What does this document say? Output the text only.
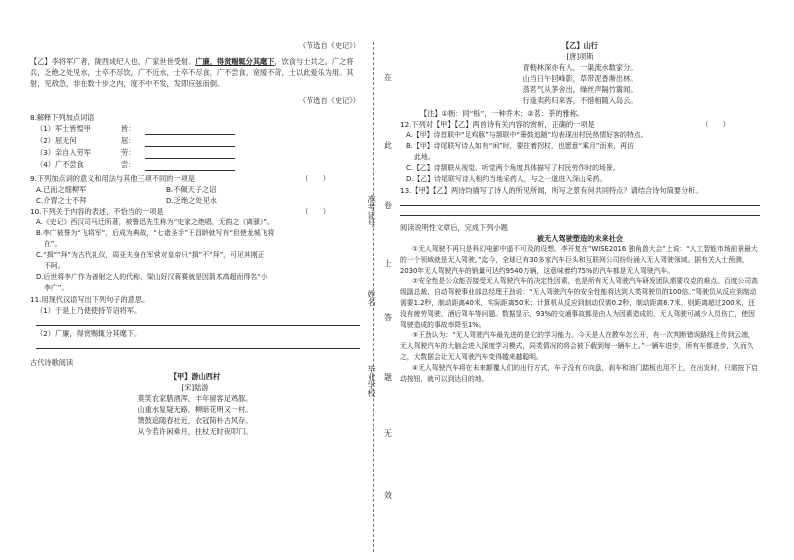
（节选自《史记》）

【乙】李将军广者，陇西成纪人也，广家世世受射。广廉，得赏赐辄分其麾下，饮食与士共之。广之将兵，乏绝之处见水，士卒不尽饮，广不近水，士卒不尽食，广不尝食。宽缓不苛，士以此爱乐为用。其射，见敌急，非在数十步之内，度不中不发，发即应弦而倒。

（节选自《史记》）

8.解释下列加点词语

（1）军士皆惶甲	皆：
（2）屈无何	屈：
（3）亲自入劳军	劳：
（4）广不尝食	尝：
9.下列加点词的意义和用法与其他三项不同的一项是	（　　）
A.已而之细柳军	B.不佩天子之诏
C.介胄之士不拜	D.乏绝之处见水
10.下列关于内容的表述，不恰当的一项是	（　　）

A.《史记》西汉司马迁所著，被鲁迅先生称为“史家之绝唱，无韵之《离骚》”。

B.李广被誉为“飞将军”，后成为典故，“七诸圣手”王昌龄就写有“但使龙城飞将

在”。

C.“揖”“拜”为古代礼仪，周亚夫身在军营对皇帝只“揖”不“拜”，可见其刚正

不阿。

D.后世将李广作为善射之人的代称，梁山好汉蒋赛就是因箭术高超而得名“小

李广”。

11.用现代汉语写出下列句子的意思。

（1）于是上乃使使持节诏将军。

（2）广廉，得赏赐辄分其麾下。

古代诗歌阅读

【甲】游山西村

[宋]陆游

莫笑农家腊酒浑，丰年留客足鸡豚。

山重水复疑无路，柳暗花明又一村。

箫鼓追随春社近，衣冠简朴古风存。

从今若许闲乘月，拄杖无时夜叩门。

在
此
卷
上
答
题
无
效
准考证号
姓名
毕业学校

【乙】山行

[唐]项斯

青枥林深亦有人，一渠流水数家分。

山当日午回峰影，草带泥香渐出林。

蒸茗气从茅舍出，缲丝声隔竹篱闻。

行逢卖药归来客，不惜相随入岛云。

【注】①枥：同“栎”，一种乔木；②茗：茶的雅称。

12.下列对【甲】【乙】两首诗有关内容的赏析，正确的一项是	（　　）

A.【甲】诗首联中“足鸡豚”与颔联中“箫鼓追随”均表现出村民热情好客的特点。

B.【甲】诗尾联写诗人如有“闲”时，要拄着拐杖，也愿意“乘月”而来，再访

此地。

C.【乙】诗颔联从视觉、听觉两个角度具体描写了村民劳作时的场景。

D.【乙】诗尾联写诗人相约当地采药人，与之一道进入深山采药。

13.【甲】【乙】两诗均描写了诗人的所见所闻，所写之景有何共同特点？请结合诗句简要分析。

阅读说明性文章后，完成下列小题

被无人驾驶塑造的未来社会

①无人驾驶不再只是科幻电影中遥不可及的设想。李开复在“WISE2016 独角兽大会”上说：“人工智能市场前景最大的一个领域就是无人驾驶。”迄今，全球已有30多家汽车巨头和互联网公司纷纷涌入无人驾驶领域。据有关人士预测，2030年无人驾驶汽车的销量可达约9540万辆，这意味着约75%的汽车都是无人驾驶汽车。

②安全性是公众能否接受无人驾驶汽车的决定性因素，也是所有无人驾驶汽车研发团队需要攻克的难点。百度公司高级副总裁、自动驾驶事业部总经理王劲说：“无人驾驶汽车的安全性能将达到人类驾驶员的100倍。”驾驶员从反应到制动需要1.2秒，制动距离40米，实际距离50米；计算机从反应到制动仅需0.2秒，制动距离6.7米，则距离超过200米，还没有疲劳驾驶、酒后驾车等问题。数据显示，93%的交通事故都是由人为因素造成的，无人驾驶可减少人员伤亡，使因驾驶造成的事故率降至1%。

③王劲认为：“无人驾驶汽车最先进的是它的学习能力。今天是人在教车怎么开，有一次判断错误路线上传到云端，无人驾驶汽车的大脑会进入深度学习模式，同类情况的将会被下载到每一辆车上。”一辆车进步，所有车都进步，久而久之，大数据会让无人驾驶汽车变得越来越聪明。

④无人驾驶汽车将在未来颠覆人们的出行方式，车子没有方向盘，刹车和油门踏板也用不上，在出发时，只需按下启动按钮，就可以到达目的地。
